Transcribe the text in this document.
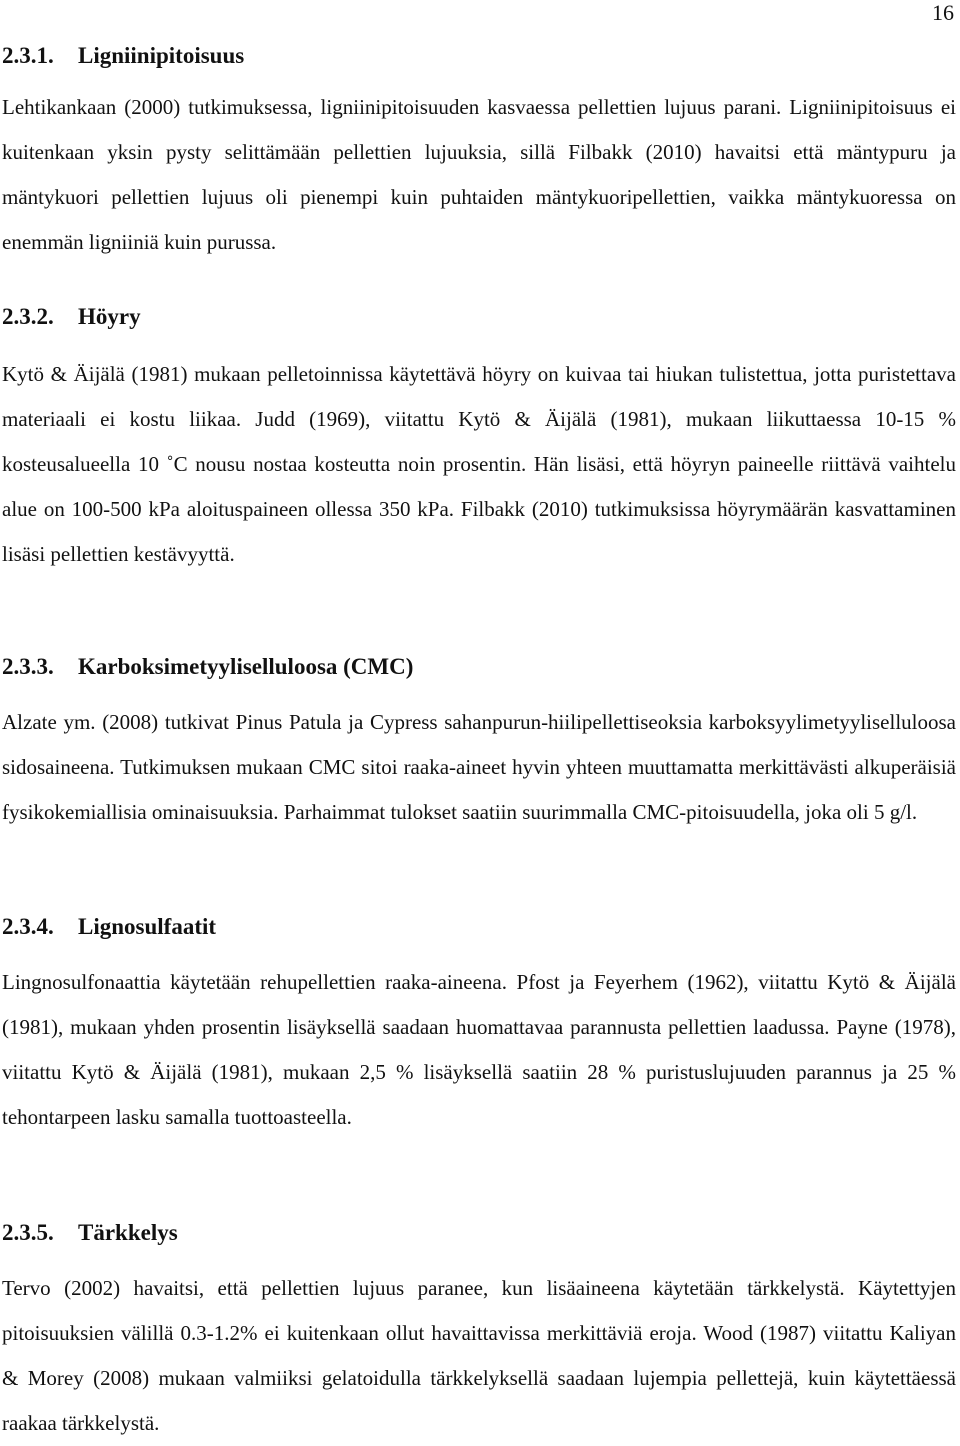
16
2.3.1. Ligniinipitoisuus

Lehtikankaan (2000) tutkimuksessa, ligniinipitoisuuden kasvaessa pellettien lujuus parani. Ligniinipitoisuus ei kuitenkaan yksin pysty selittämään pellettien lujuuksia, sillä Filbakk (2010) havaitsi että mäntypuru ja mäntykuori pellettien lujuus oli pienempi kuin puhtaiden mäntykuoripellettien, vaikka mäntykuoressa on enemmän ligniiniä kuin purussa.

2.3.2. Höyry

Kytö & Äijälä (1981) mukaan pelletoinnissa käytettävä höyry on kuivaa tai hiukan tulistettua, jotta puristettava materiaali ei kostu liikaa. Judd (1969), viitattu Kytö & Äijälä (1981), mukaan liikuttaessa 10-15 % kosteusalueella 10 ˚C nousu nostaa kosteutta noin prosentin. Hän lisäsi, että höyryn paineelle riittävä vaihtelu alue on 100-500 kPa aloituspaineen ollessa 350 kPa. Filbakk (2010) tutkimuksissa höyrymäärän kasvattaminen lisäsi pellettien kestävyyttä.

2.3.3. Karboksimetyyliselluloosa (CMC)

Alzate ym. (2008) tutkivat Pinus Patula ja Cypress sahanpurun-hiilipellettiseoksia karboksyylimetyyliselluloosa sidosaineena. Tutkimuksen mukaan CMC sitoi raaka-aineet hyvin yhteen muuttamatta merkittävästi alkuperäisiä fysikokemiallisia ominaisuuksia. Parhaimmat tulokset saatiin suurimmalla CMC-pitoisuudella, joka oli 5 g/l.

2.3.4. Lignosulfaatit

Lingnosulfonaattia käytetään rehupellettien raaka-aineena. Pfost ja Feyerhem (1962), viitattu Kytö & Äijälä (1981), mukaan yhden prosentin lisäyksellä saadaan huomattavaa parannusta pellettien laadussa. Payne (1978), viitattu Kytö & Äijälä (1981), mukaan 2,5 % lisäyksellä saatiin 28 % puristuslujuuden parannus ja 25 % tehontarpeen lasku samalla tuottoasteella.

2.3.5. Tärkkelys

Tervo (2002) havaitsi, että pellettien lujuus paranee, kun lisäaineena käytetään tärkkelystä. Käytettyjen pitoisuuksien välillä 0.3-1.2% ei kuitenkaan ollut havaittavissa merkittäviä eroja. Wood (1987) viitattu Kaliyan & Morey (2008) mukaan valmiiksi gelatoidulla tärkkelyksellä saadaan lujempia pellettejä, kuin käytettäessä raakaa tärkkelystä.
